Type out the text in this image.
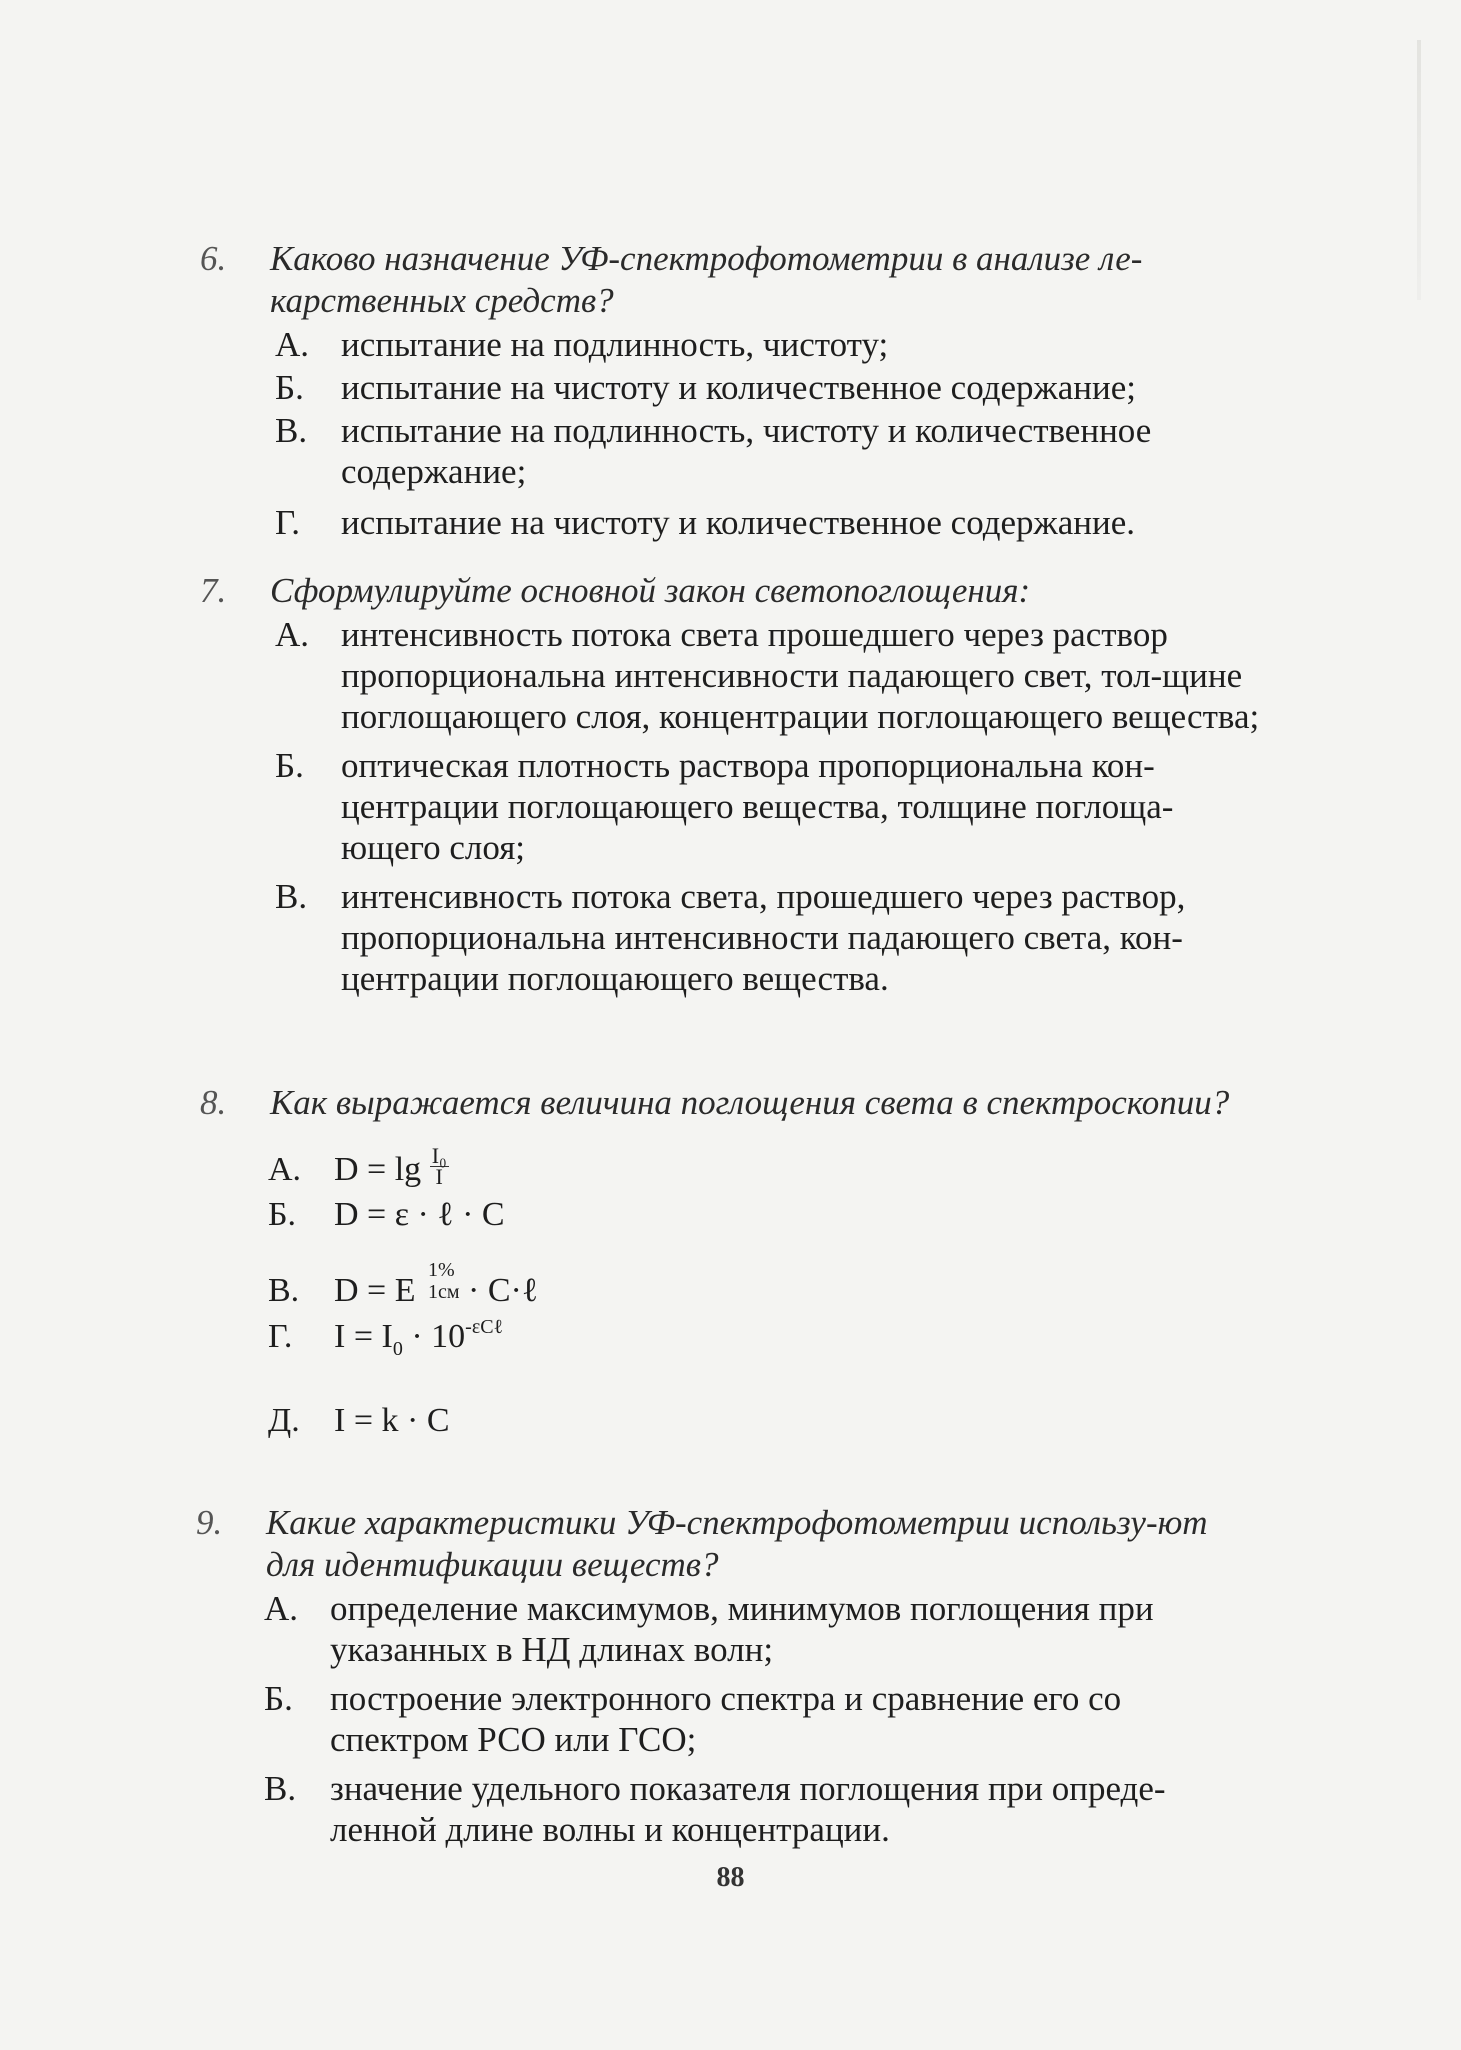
6.	Каково назначение УФ-спектрофотометрии в анализе ле-карственных средств?
А. испытание на подлинность, чистоту;
Б.	испытание на чистоту и количественное содержание;
В. испытание на подлинность, чистоту и количественное содержание;
Г.	испытание на чистоту и количественное содержание.
7.	Сформулируйте основной закон светопоглощения:
А. интенсивность потока света прошедшего через раствор пропорциональна интенсивности падающего свет, тол-щине поглощающего слоя, концентрации поглощающего вещества;
Б.	оптическая плотность раствора пропорциональна кон-центрации поглощающего вещества, толщине поглоща-ющего слоя;
В. интенсивность потока света, прошедшего через раствор, пропорциональна интенсивности падающего света, кон-центрации поглощающего вещества.
8.	Как выражается величина поглощения света в спектроскопии?
А. $D = \lg \frac{\text{I₀}}{I}$
Б.	D = ε · ℓ · C
В.	D = E
1%
1см · C·ℓ
Г.	$I = I_0 \cdot 10^{-\varepsilon C\ell}$
Д.	I = k · C
9.	Какие характеристики УФ-спектрофотометрии использу-ют для идентификации веществ?
А. определение максимумов, минимумов поглощения при указанных в НД длинах волн;
Б.	построение электронного спектра и сравнение его со спектром РСО или ГСО;
В. значение удельного показателя поглощения при опреде-ленной длине волны и концентрации.
88
